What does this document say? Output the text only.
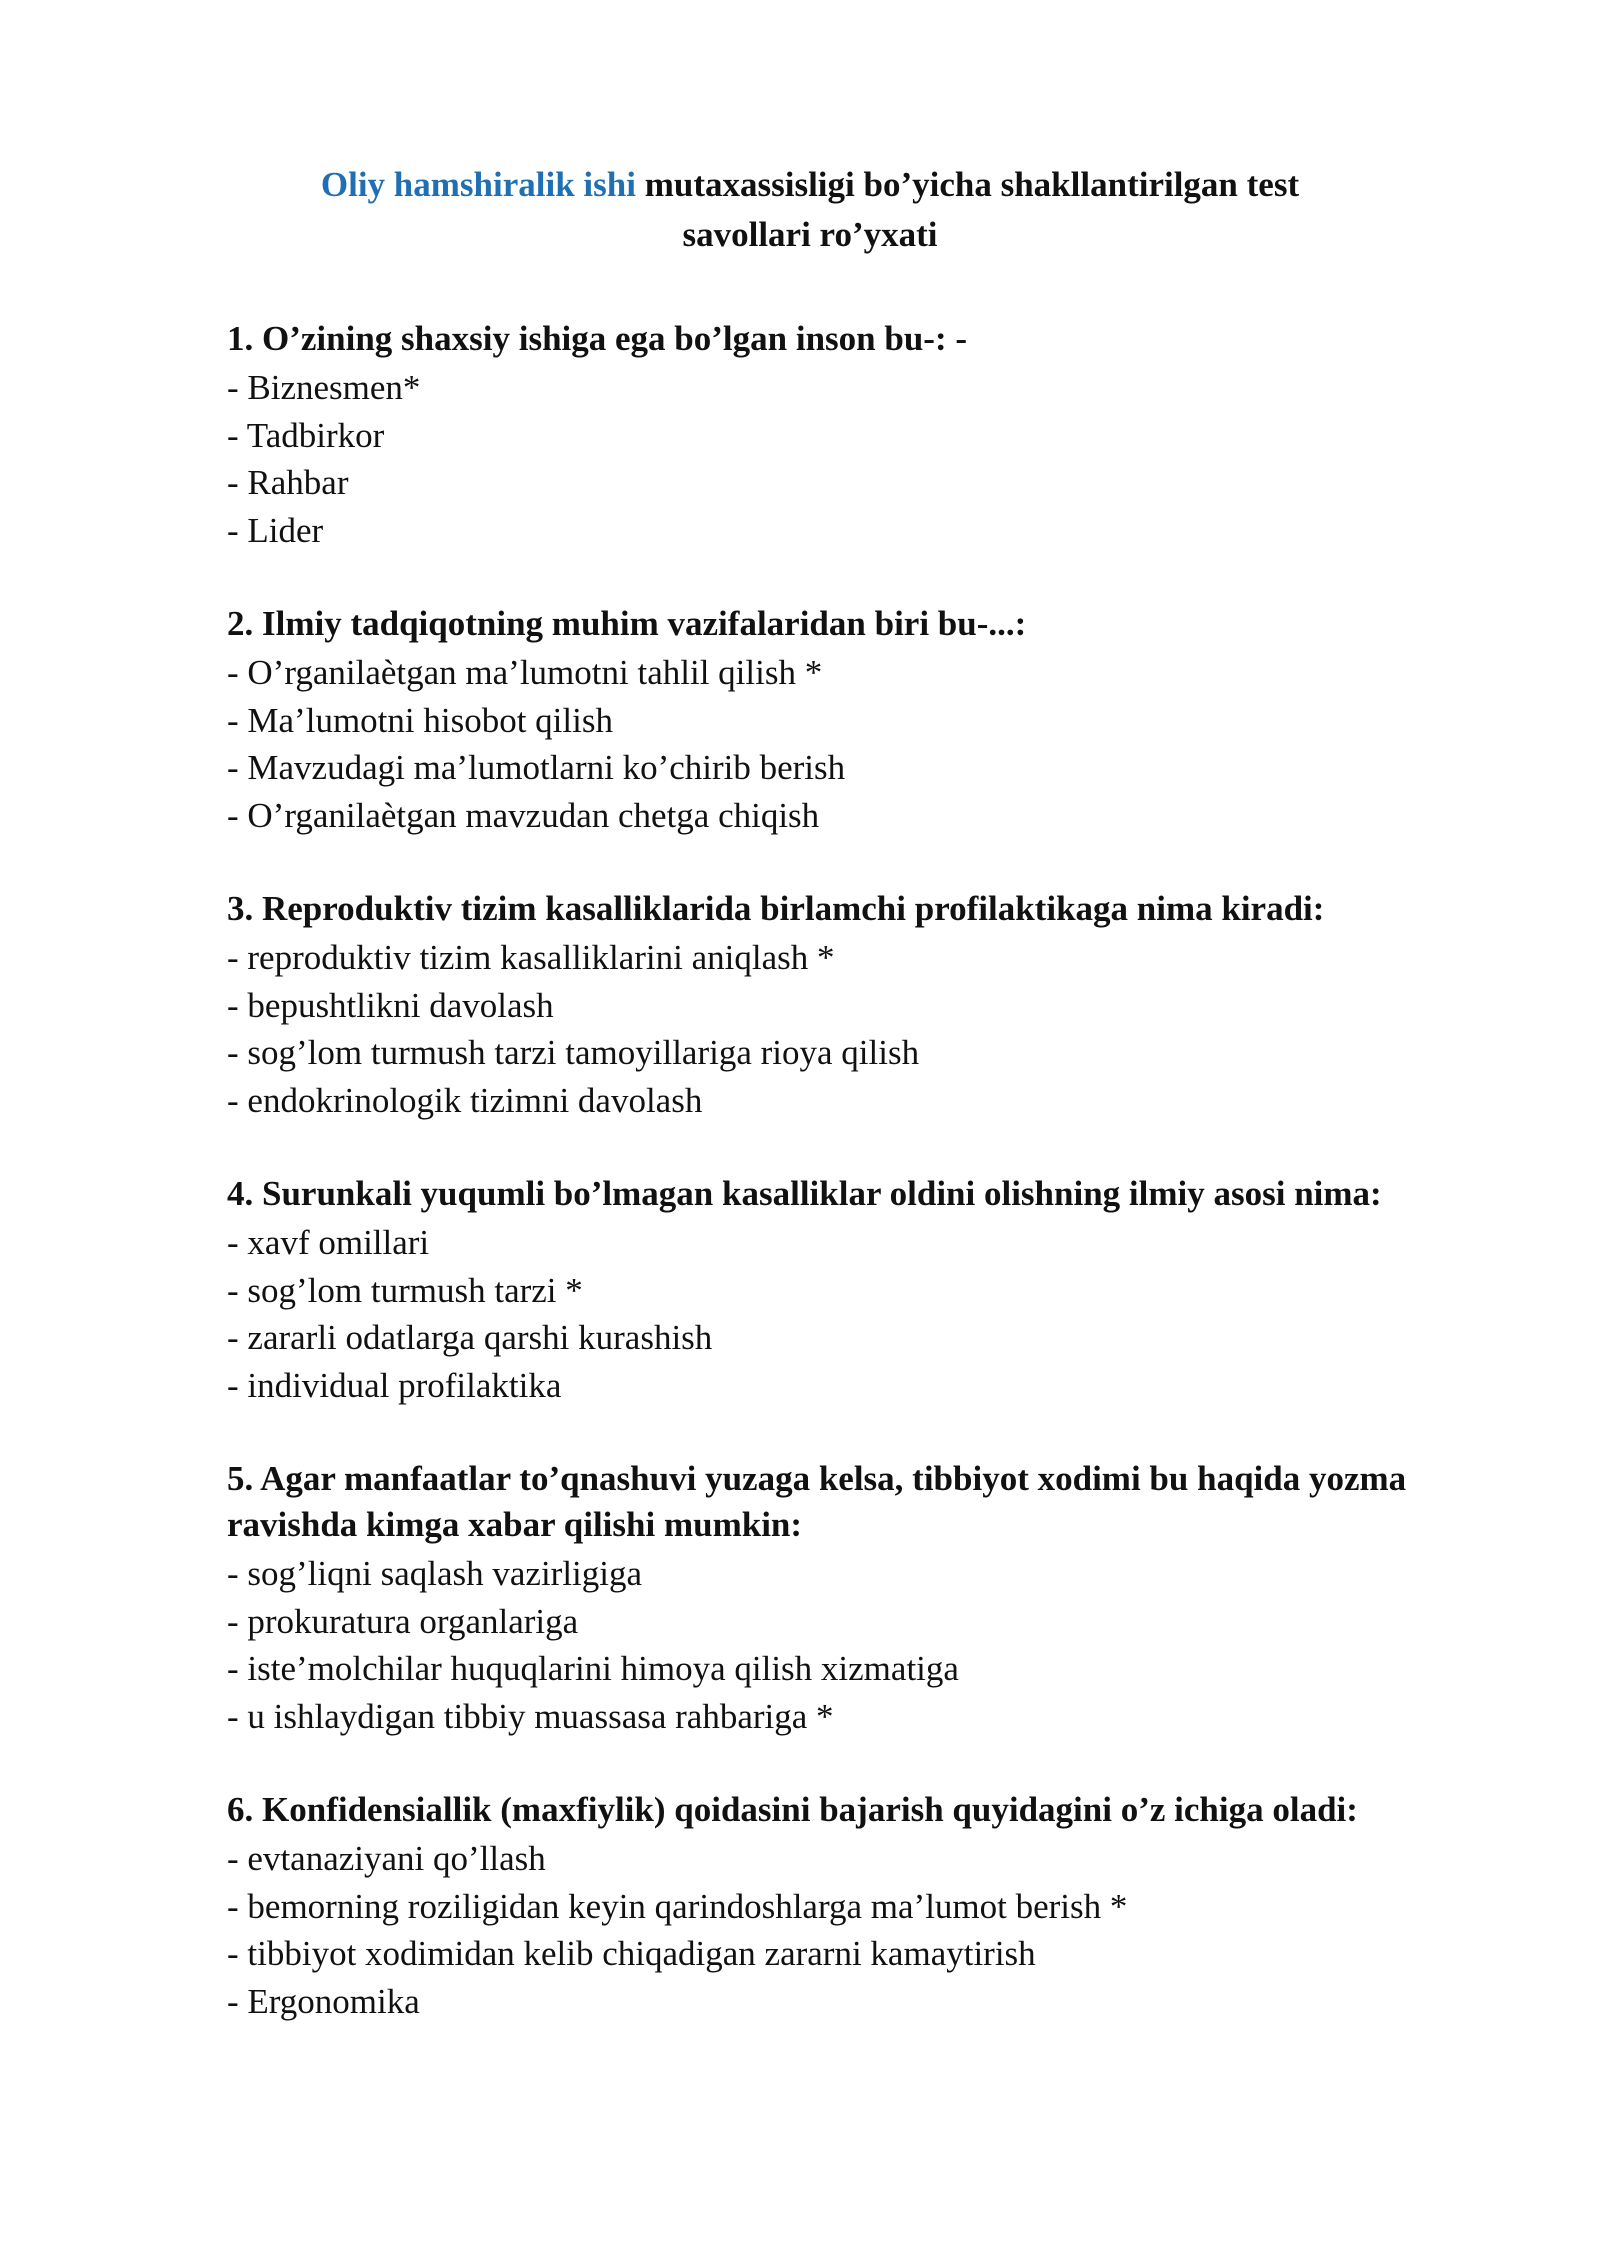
Oliy hamshiralik ishi mutaxassisligi bo’yicha shakllantirilgan test
savollari ro’yxati
1. O’zining shaxsiy ishiga ega bo’lgan inson bu-: -
- Biznesmen*
- Tadbirkor
- Rahbar
- Lider
2. Ilmiy tadqiqotning muhim vazifalaridan biri bu-...:
- O’rganilaètgan ma’lumotni tahlil qilish *
- Ma’lumotni hisobot qilish
- Mavzudagi ma’lumotlarni ko’chirib berish
- O’rganilaètgan mavzudan chetga chiqish
3. Reproduktiv tizim kasalliklarida birlamchi profilaktikaga nima kiradi:
- reproduktiv tizim kasalliklarini aniqlash *
- bepushtlikni davolash
- sog’lom turmush tarzi tamoyillariga rioya qilish
- endokrinologik tizimni davolash
4. Surunkali yuqumli bo’lmagan kasalliklar oldini olishning ilmiy asosi nima:
- xavf omillari
- sog’lom turmush tarzi *
- zararli odatlarga qarshi kurashish
- individual profilaktika
5. Agar manfaatlar to’qnashuvi yuzaga kelsa, tibbiyot xodimi bu haqida yozma ravishda kimga xabar qilishi mumkin:
- sog’liqni saqlash vazirligiga
- prokuratura organlariga
- iste’molchilar huquqlarini himoya qilish xizmatiga
- u ishlaydigan tibbiy muassasa rahbariga *
6. Konfidensiallik (maxfiylik) qoidasini bajarish quyidagini o’z ichiga oladi:
- evtanaziyani qo’llash
- bemorning roziligidan keyin qarindoshlarga ma’lumot berish *
- tibbiyot xodimidan kelib chiqadigan zararni kamaytirish
- Ergonomika
